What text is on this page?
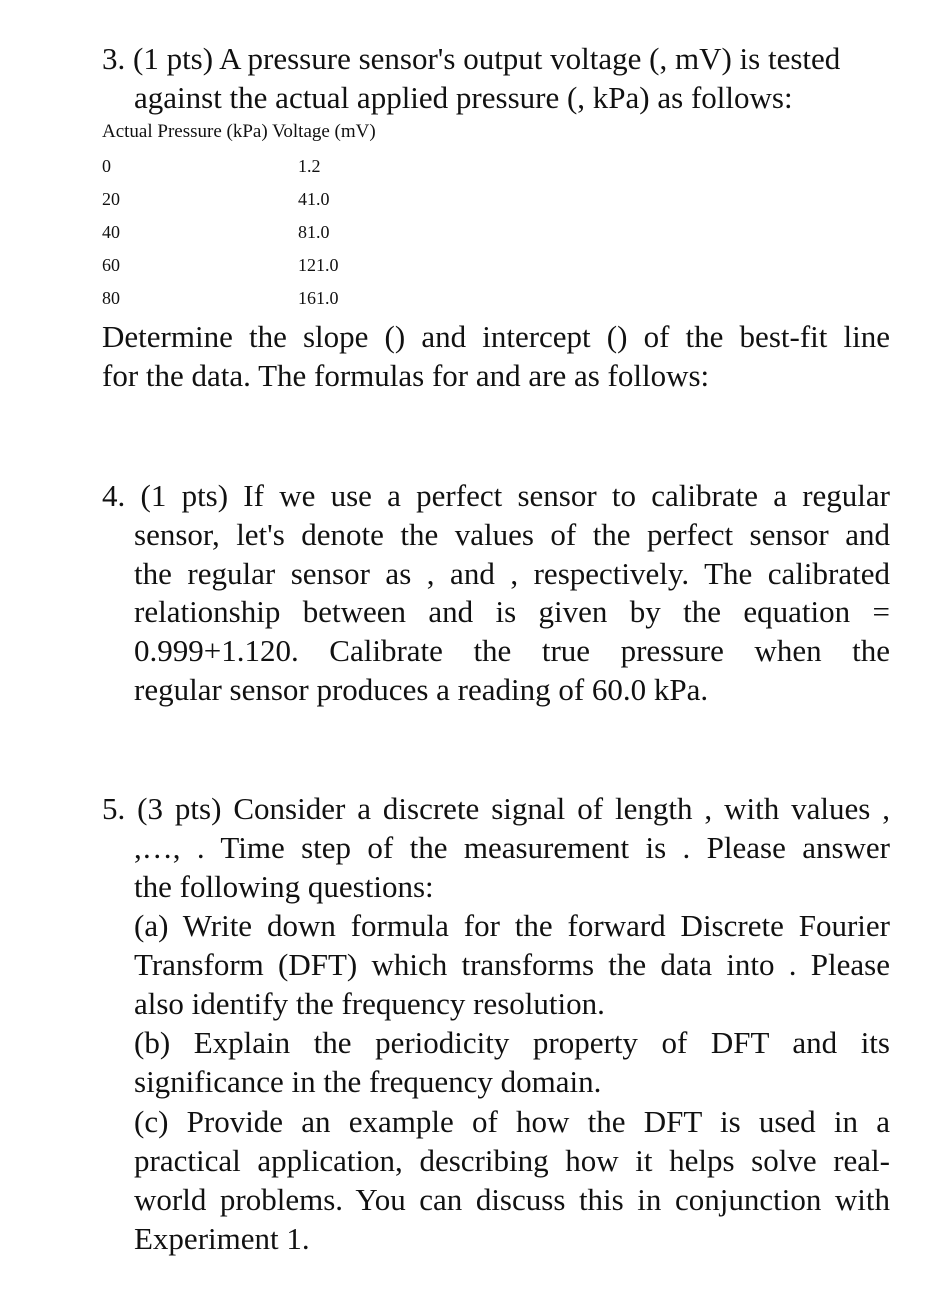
3. (1 pts) A pressure sensor's output voltage (, mV) is tested
against the actual applied pressure (, kPa) as follows:
Actual Pressure (kPa) Voltage (mV)
0	1.2
20	41.0
40	81.0
60	121.0
80	161.0
Determine the slope () and intercept () of the best-fit line
for the data. The formulas for and are as follows:
4. (1 pts) If we use a perfect sensor to calibrate a regular
sensor, let's denote the values of the perfect sensor and
the regular sensor as , and , respectively. The calibrated
relationship between and is given by the equation =
0.999+1.120. Calibrate the true pressure when the
regular sensor produces a reading of 60.0 kPa.
5. (3 pts) Consider a discrete signal of length , with values ,
,…, . Time step of the measurement is . Please answer
the following questions:
(a) Write down formula for the forward Discrete Fourier
Transform (DFT) which transforms the data into . Please
also identify the frequency resolution.
(b) Explain the periodicity property of DFT and its
significance in the frequency domain.
(c) Provide an example of how the DFT is used in a
practical application, describing how it helps solve real-
world problems. You can discuss this in conjunction with
Experiment 1.
